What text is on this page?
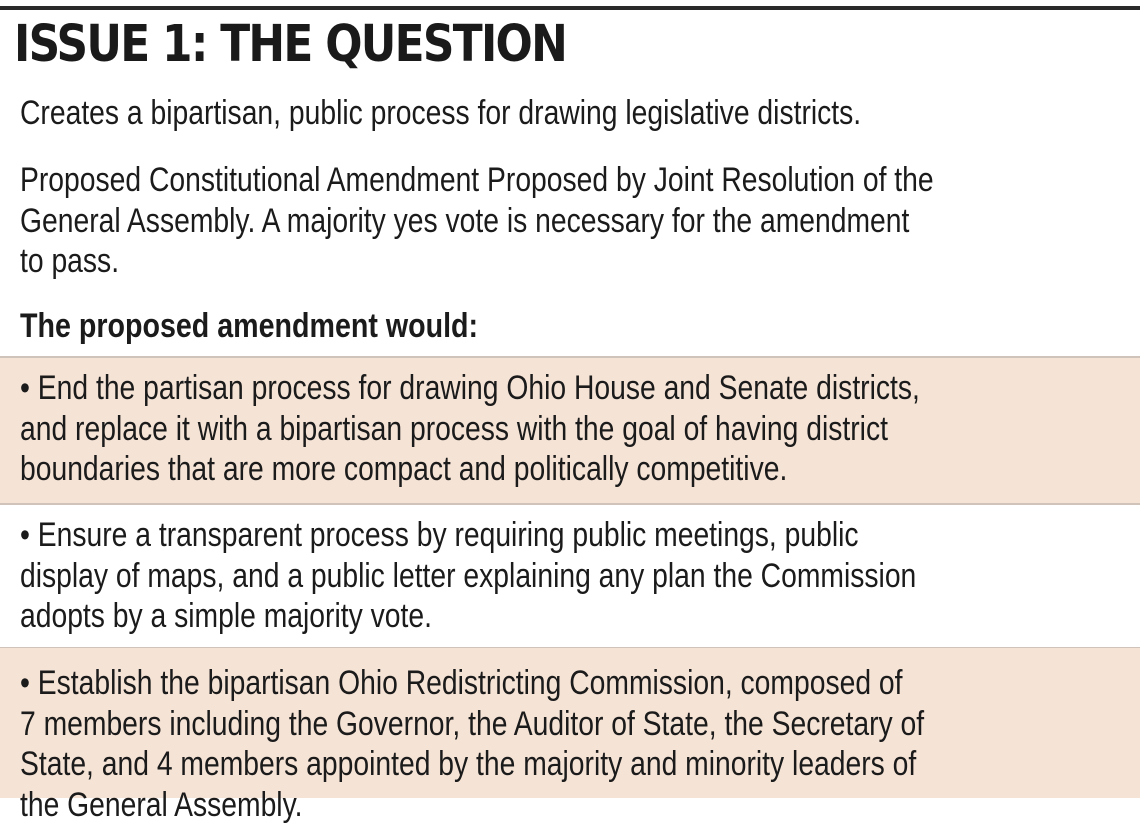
ISSUE 1: THE QUESTION

Creates a bipartisan, public process for drawing legislative districts.

Proposed Constitutional Amendment Proposed by Joint Resolution of the
General Assembly. A majority yes vote is necessary for the amendment
to pass.

The proposed amendment would:

• End the partisan process for drawing Ohio House and Senate districts,
and replace it with a bipartisan process with the goal of having district
boundaries that are more compact and politically competitive.

• Ensure a transparent process by requiring public meetings, public
display of maps, and a public letter explaining any plan the Commission
adopts by a simple majority vote.

• Establish the bipartisan Ohio Redistricting Commission, composed of
7 members including the Governor, the Auditor of State, the Secretary of
State, and 4 members appointed by the majority and minority leaders of
the General Assembly.
